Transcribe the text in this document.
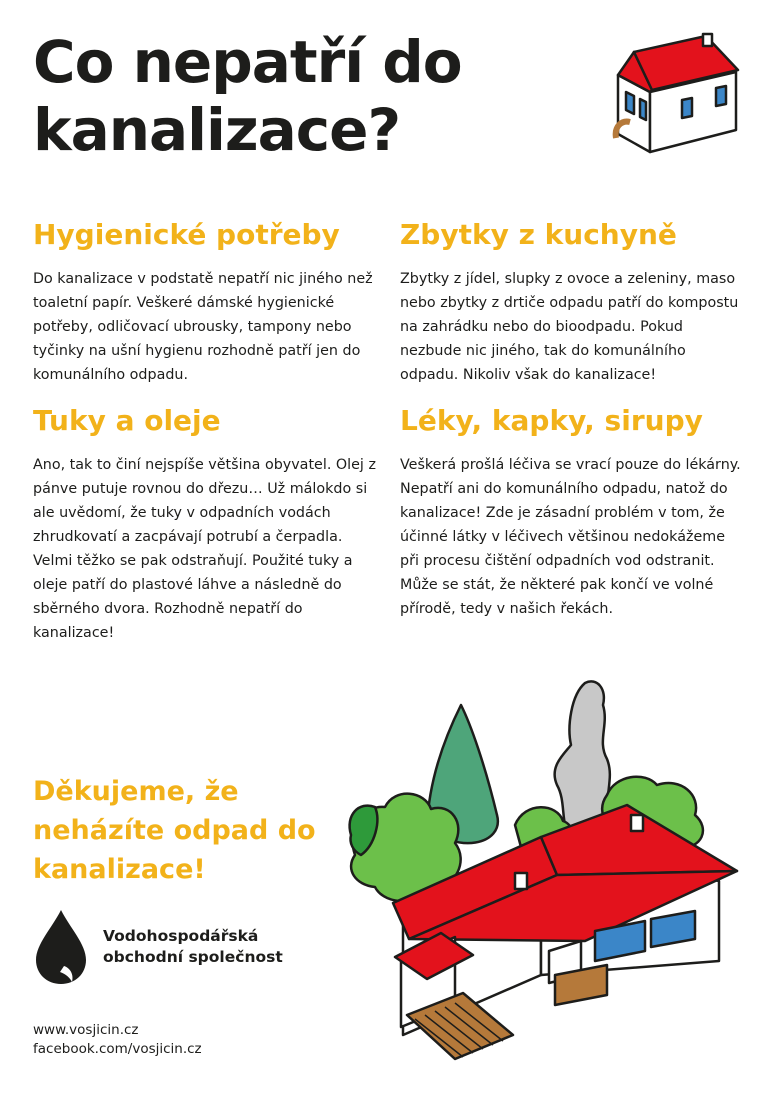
Co nepatří do kanalizace?
Hygienické potřeby

Do kanalizace v podstatě nepatří nic jiného než toaletní papír. Veškeré dámské hygienické potřeby, odličovací ubrousky, tampony nebo tyčinky na ušní hygienu rozhodně patří jen do komunálního odpadu.

Zbytky z kuchyně

Zbytky z jídel, slupky z ovoce a zeleniny, maso nebo zbytky z drtiče odpadu patří do kompostu na zahrádku nebo do bioodpadu. Pokud nezbude nic jiného, tak do komunálního odpadu. Nikoliv však do kanalizace!

Tuky a oleje

Ano, tak to činí nejspíše většina obyvatel. Olej z pánve putuje rovnou do dřezu… Už málokdo si ale uvědomí, že tuky v odpadních vodách zhrudkovatí a zacpávají potrubí a čerpadla. Velmi těžko se pak odstraňují. Použité tuky a oleje patří do plastové láhve a následně do sběrného dvora. Rozhodně nepatří do kanalizace!

Léky, kapky, sirupy

Veškerá prošlá léčiva se vrací pouze do lékárny. Nepatří ani do komunálního odpadu, natož do kanalizace! Zde je zásadní problém v tom, že účinné látky v léčivech většinou nedokážeme při procesu čištění odpadních vod odstranit. Může se stát, že některé pak končí ve volné přírodě, tedy v našich řekách.

Děkujeme, že neházíte odpad do kanalizace!
Vodohospodářská obchodní společnost
www.vosjicin.cz
facebook.com/vosjicin.cz
